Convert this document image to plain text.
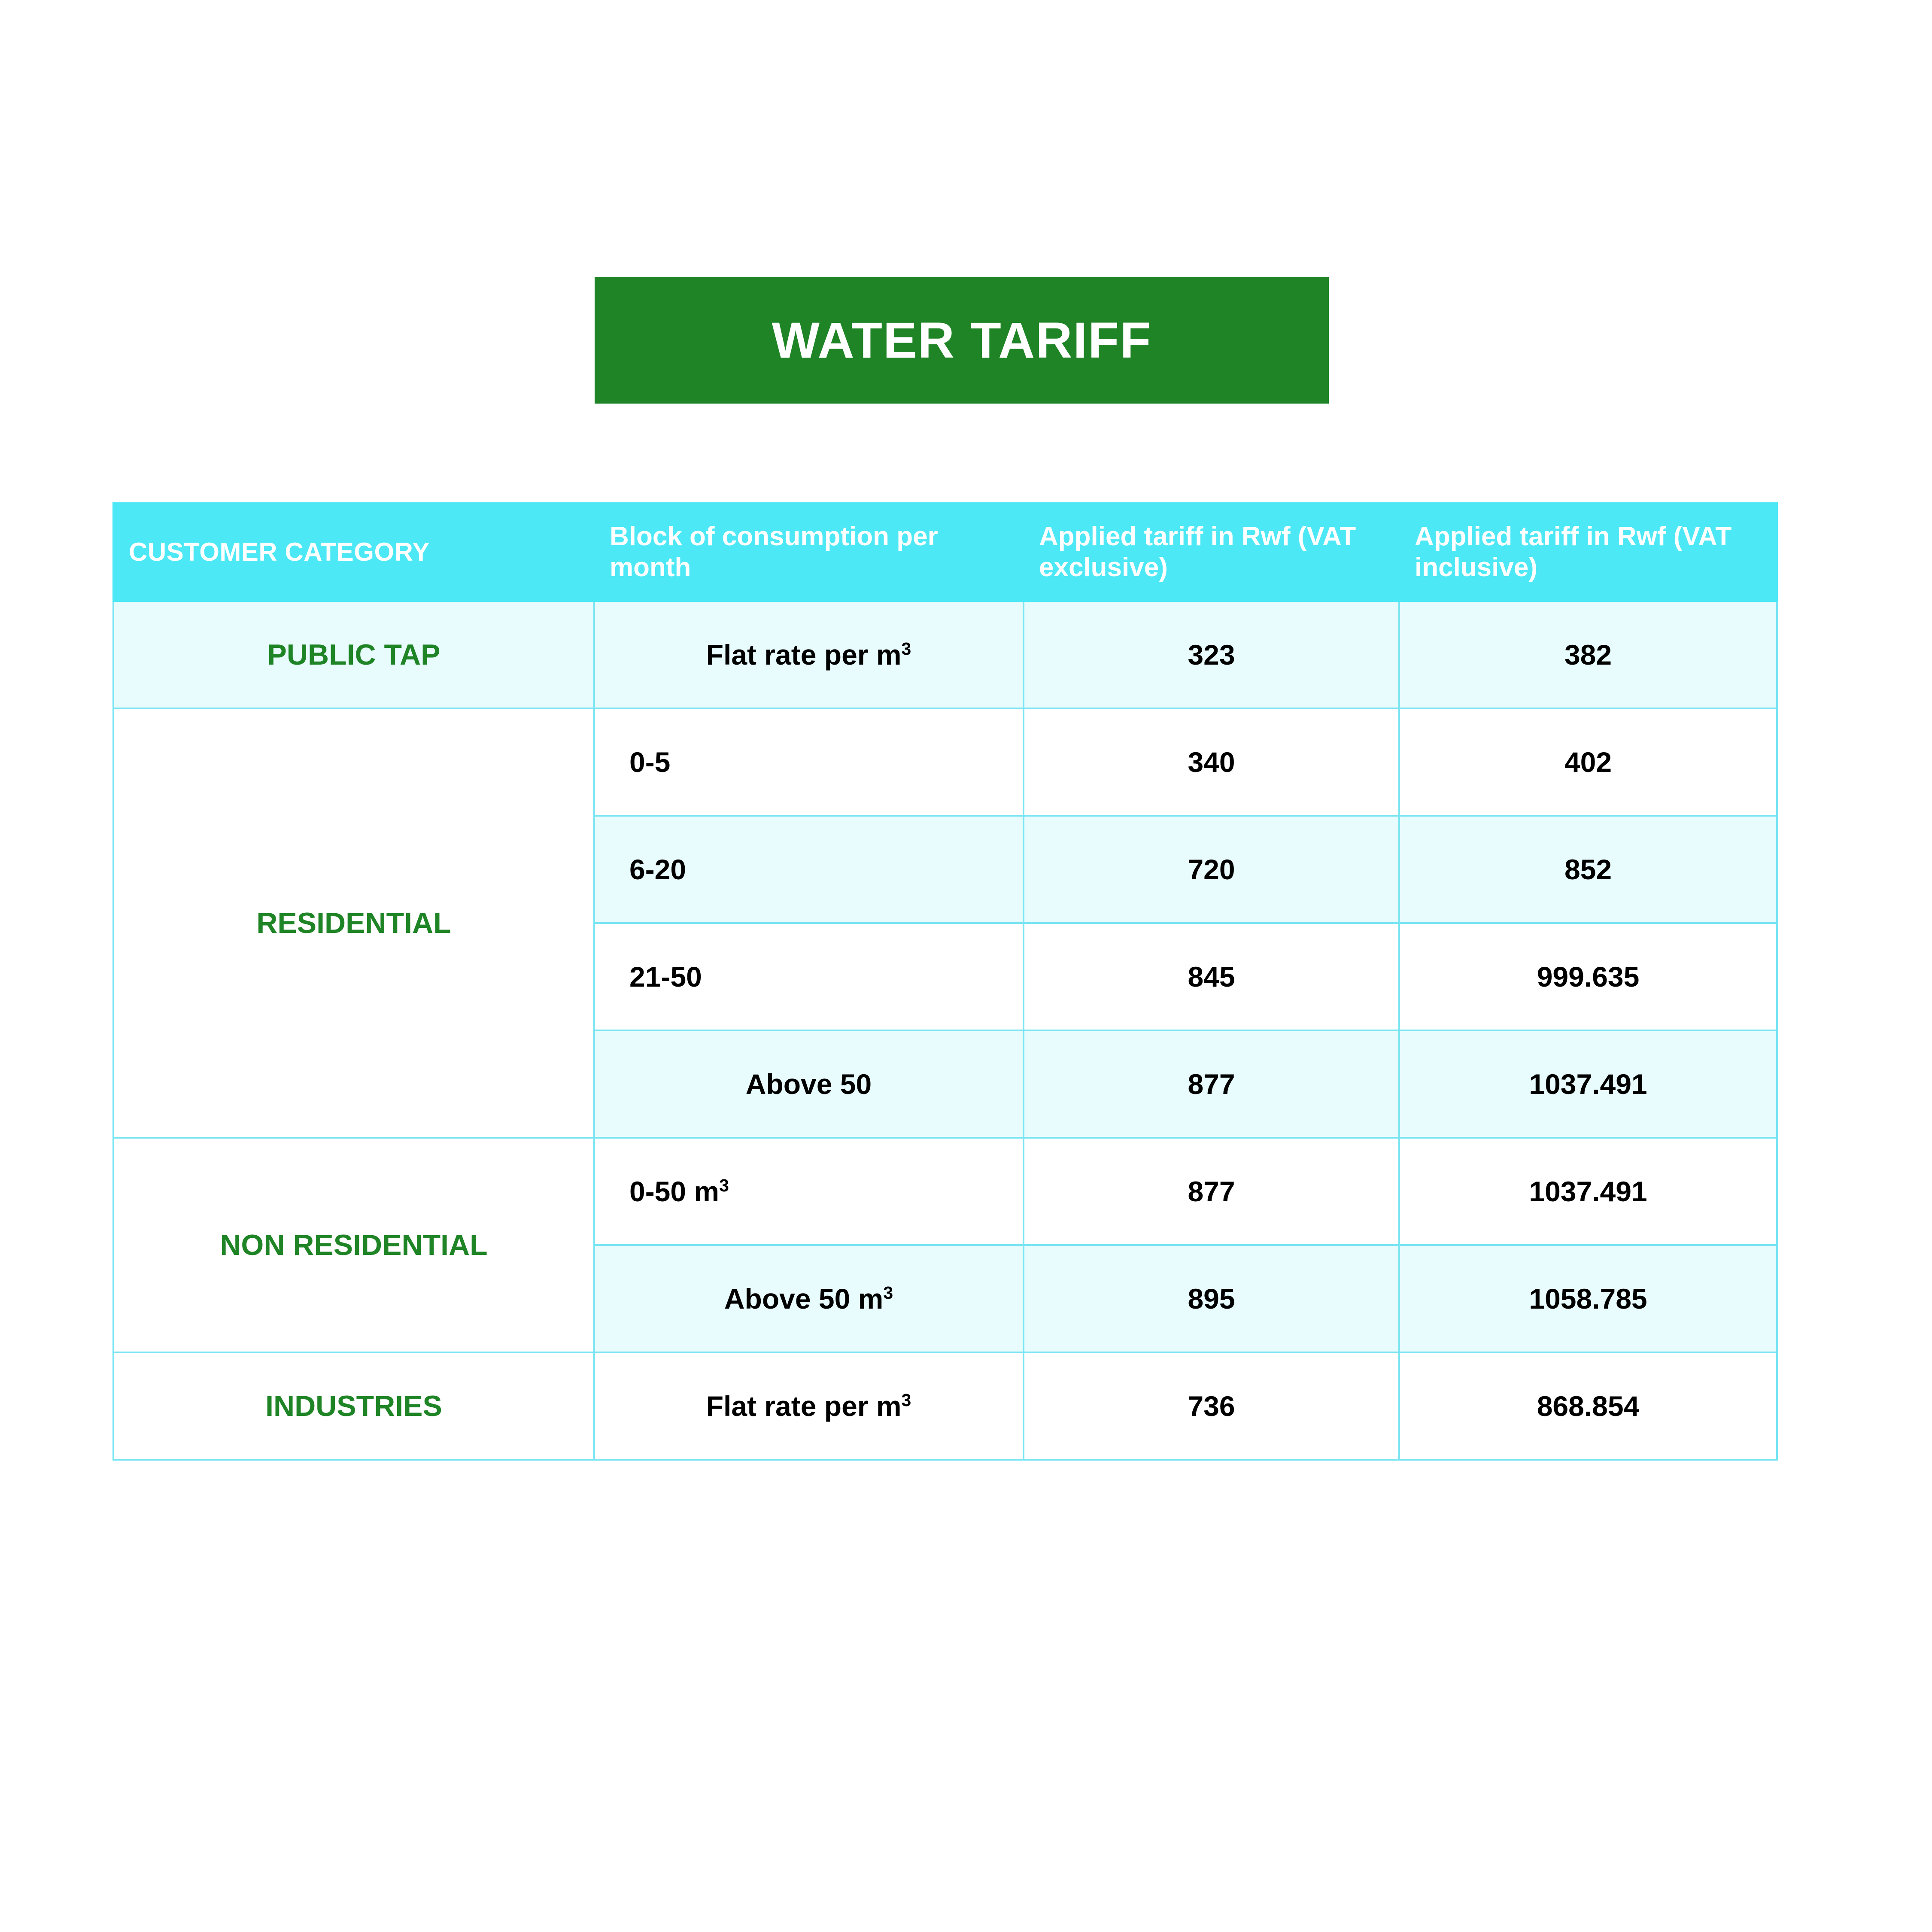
WATER TARIFF
CUSTOMER CATEGORY	Block of consumption per month	Applied tariff in Rwf (VAT exclusive)	Applied tariff in Rwf (VAT inclusive)
PUBLIC TAP	Flat rate per $m^3$	323	382
RESIDENTIAL	0-5	340	402
	6-20	720	852
	21-50	845	999.635
	Above 50	877	1037.491
NON RESIDENTIAL	0-50 $m^3$	877	1037.491
	Above 50 $m^3$	895	1058.785
INDUSTRIES	Flat rate per $m^3$	736	868.854
